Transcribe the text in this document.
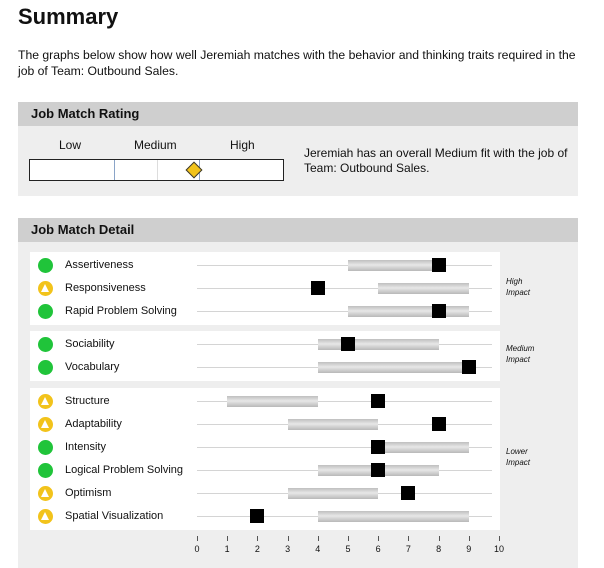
Summary

The graphs below show how well Jeremiah matches with the behavior and thinking traits required in the job of Team: Outbound Sales.

Job Match Rating
Low	Medium	High

Jeremiah has an overall Medium fit with the job of Team: Outbound Sales.

Job Match Detail
0	1	2	3	4	5	6	7	8	9	10
Assertiveness
Responsiveness
Rapid Problem Solving
High
Impact
Sociability
Vocabulary
Medium
Impact
Structure
Adaptability
Intensity
Logical Problem Solving
Optimism
Spatial Visualization
Lower
Impact
